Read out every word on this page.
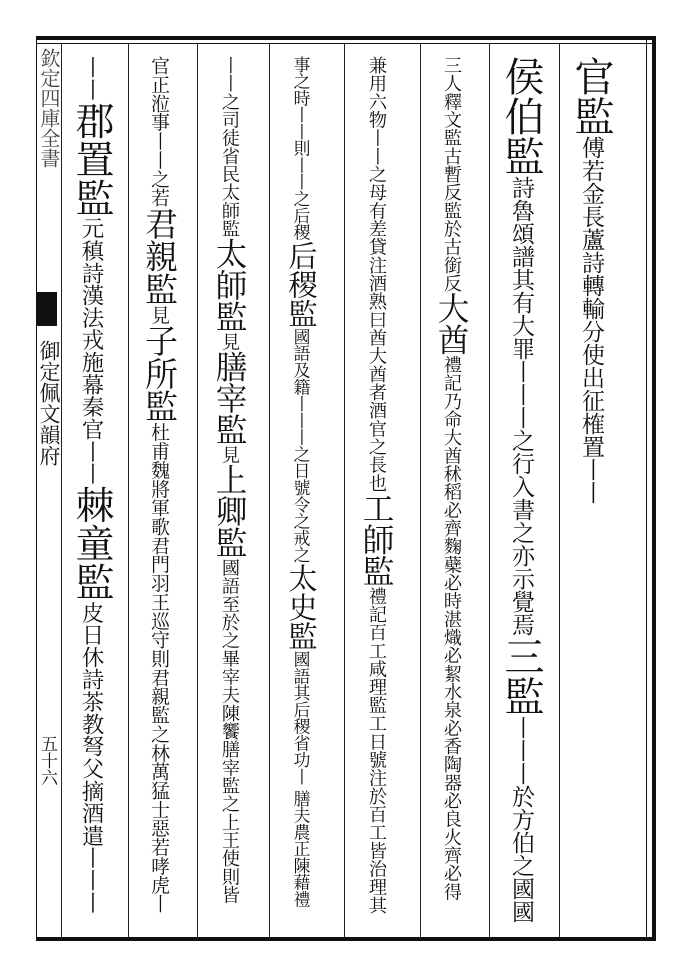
欽定四庫全書
御定佩文韻府
五十六
官監傅若金長蘆詩轉輸分使出征榷置丨丨
侯伯監詩魯頌譜其有大罪丨丨丨之行入書之亦示覺焉三監丨丨丨於方伯之國國
三人釋文監古暫反監於古銜反大酋禮記乃命大酋秫稻必齊麴蘗必時湛熾必絜水泉必香陶器必良火齊必得
兼用六物丨丨之母有差貸注酒熟曰酋大酋者酒官之長也工師監禮記百工咸理監工日號注於百工皆治理其
事之時丨丨則丨丨之后稷后稷監國語及籍丨丨丨之日號令之戒之太史監國語其后稷省功丨 膳夫農正陳藉禮
丨丨之司徒省民太師監太師監見膳宰監見上卿監國語至於之畢宰夫陳饗膳宰監之上王使則皆
官正涖事丨丨之若君親監見子所監杜甫魏將軍歌君門羽王巡守則君親監之林萬猛士惡若哮虎丨
丨丨郡置監元稹詩漢法戎施幕秦官丨丨棘童監皮日休詩茶教弩父摘酒遣丨丨丨
